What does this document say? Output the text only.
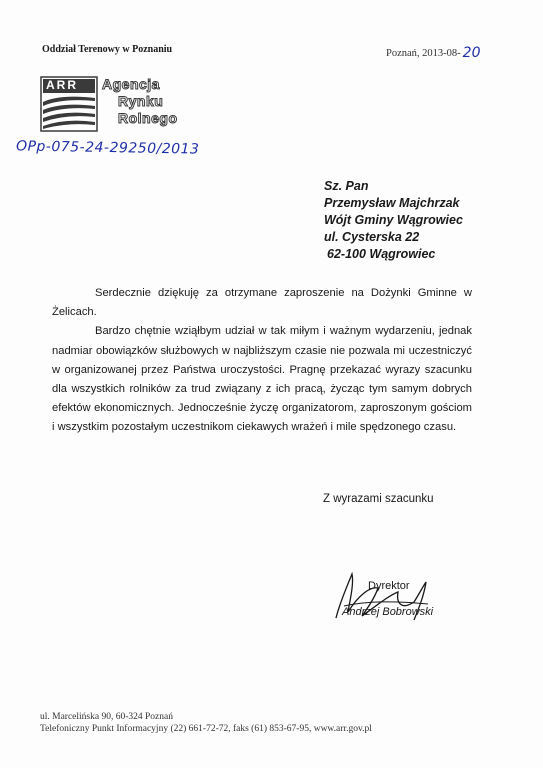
Oddział Terenowy w Poznaniu	Poznań, 2013-08- 20
ARR Agencja
Rynku
Rolnego
OPp-075-24-29250/2013
Sz. Pan
Przemysław Majchrzak
Wójt Gminy Wągrowiec
ul. Cysterska 22
62-100 Wągrowiec

Serdecznie dziękuję za otrzymane zaproszenie na Dożynki Gminne w Żelicach.

Bardzo chętnie wziąłbym udział w tak miłym i ważnym wydarzeniu, jednak nadmiar obowiązków służbowych w najbliższym czasie nie pozwala mi uczestniczyć w organizowanej przez Państwa uroczystości. Pragnę przekazać wyrazy szacunku dla wszystkich rolników za trud związany z ich pracą, życząc tym samym dobrych efektów ekonomicznych. Jednocześnie życzę organizatorom, zaproszonym gościom i wszystkim pozostałym uczestnikom ciekawych wrażeń i mile spędzonego czasu.

Z wyrazami szacunku
Dyrektor
Andrzej Bobrowski
ul. Marcelińska 90, 60-324 Poznań
Telefoniczny Punkt Informacyjny (22) 661-72-72, faks (61) 853-67-95, www.arr.gov.pl
